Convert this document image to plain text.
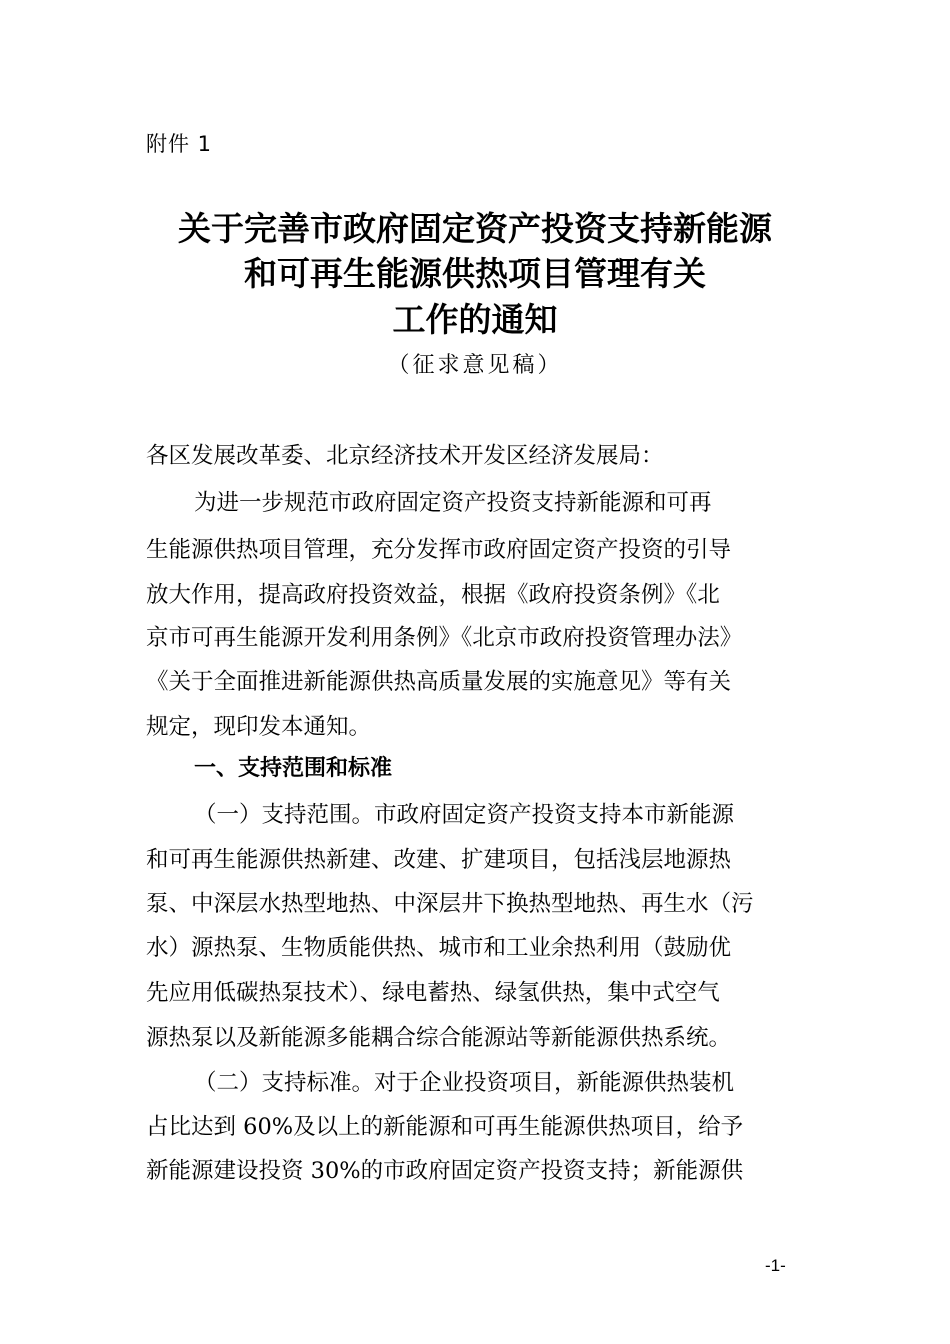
附件 1
关于完善市政府固定资产投资支持新能源
和可再生能源供热项目管理有关
工作的通知
（征求意见稿）
各区发展改革委、北京经济技术开发区经济发展局：
为进一步规范市政府固定资产投资支持新能源和可再
生能源供热项目管理，充分发挥市政府固定资产投资的引导
放大作用，提高政府投资效益，根据《政府投资条例》《北
京市可再生能源开发利用条例》《北京市政府投资管理办法》
《关于全面推进新能源供热高质量发展的实施意见》等有关
规定，现印发本通知。
一、支持范围和标准
（一）支持范围。市政府固定资产投资支持本市新能源
和可再生能源供热新建、改建、扩建项目，包括浅层地源热
泵、中深层水热型地热、中深层井下换热型地热、再生水（污
水）源热泵、生物质能供热、城市和工业余热利用（鼓励优
先应用低碳热泵技术）、绿电蓄热、绿氢供热，集中式空气
源热泵以及新能源多能耦合综合能源站等新能源供热系统。
（二）支持标准。对于企业投资项目，新能源供热装机
占比达到 60%及以上的新能源和可再生能源供热项目，给予
新能源建设投资 30%的市政府固定资产投资支持；新能源供
-1-
